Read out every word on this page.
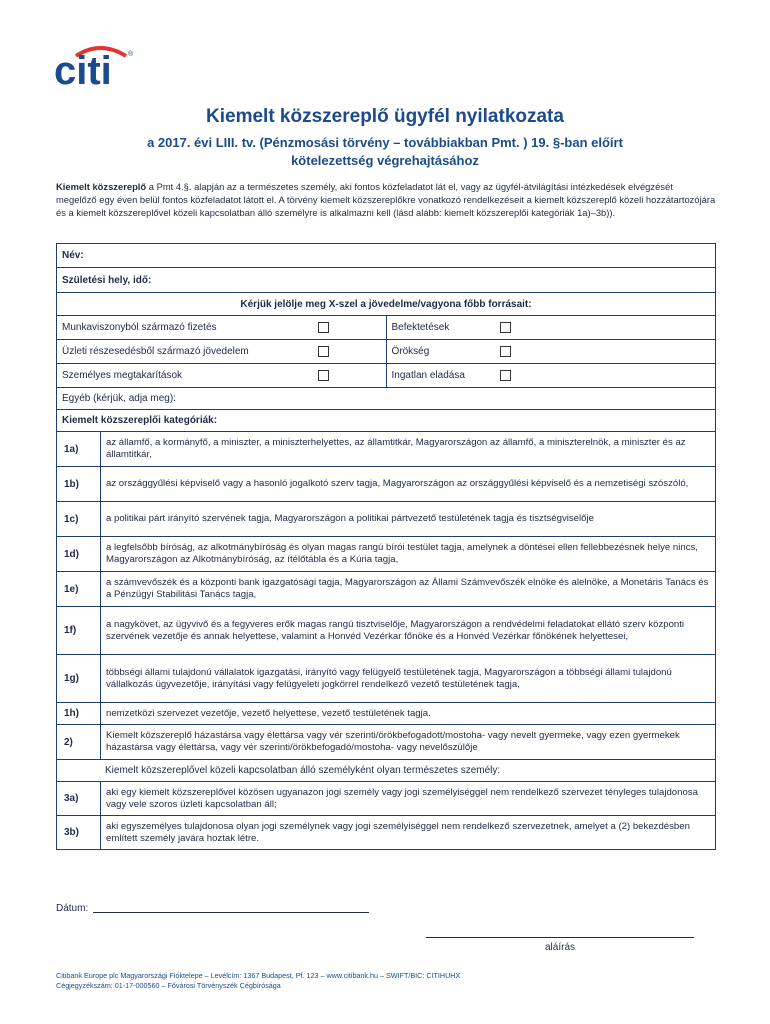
citi ®
Kiemelt közszereplő ügyfél nyilatkozata
a 2017. évi LIII. tv. (Pénzmosási törvény – továbbiakban Pmt. ) 19. §-ban előírt
kötelezettség végrehajtásához
Kiemelt közszereplő a Pmt 4.§. alapján az a természetes személy, aki fontos közfeladatot lát el, vagy az ügyfél-átvilágítási intézkedések elvégzését megelőző egy éven belül fontos közfeladatot látott el. A törvény kiemelt közszereplőkre vonatkozó rendelkezéseit a kiemelt közszereplő közeli hozzátartozójára és a kiemelt közszereplővel közeli kapcsolatban álló személyre is alkalmazni kell (lásd alább: kiemelt közszereplői kategóriák 1a)–3b)).
Név:
Születési hely, idő:
Kérjük jelölje meg X-szel a jövedelme/vagyona főbb forrásait:
Munkaviszonyból származó fizetés	Befektetések
Üzleti részesedésből származó jövedelem	Örökség
Személyes megtakarítások	Ingatlan eladása
Egyéb (kérjük, adja meg):
Kiemelt közszereplői kategóriák:
1a)
az államfő, a kormányfő, a miniszter, a miniszterhelyettes, az államtitkár, Magyarországon az államfő, a miniszterelnök, a miniszter és az államtitkár,
1b)	az országgyűlési képviselő vagy a hasonló jogalkotó szerv tagja, Magyarországon az országgyűlési képviselő és a nemzetiségi szószóló,
1c)	a politikai párt irányító szervének tagja, Magyarországon a politikai pártvezető testületének tagja és tisztségviselője
1d)
a legfelsőbb bíróság, az alkotmánybíróság és olyan magas rangú bírói testület tagja, amelynek a döntései ellen fellebbezésnek helye nincs, Magyarországon az Alkotmánybíróság, az ítélőtábla és a Kúria tagja,
1e)
a számvevőszék és a központi bank igazgatósági tagja, Magyarországon az Állami Számvevőszék elnöke és alelnöke, a Monetáris Tanács és a Pénzügyi Stabilitási Tanács tagja,
1f)
a nagykövet, az ügyvivő és a fegyveres erők magas rangú tisztviselője, Magyarországon a rendvédelmi feladatokat ellátó szerv központi szervének vezetője és annak helyettese, valamint a Honvéd Vezérkar főnöke és a Honvéd Vezérkar főnökének helyettesei,
1g)
többségi állami tulajdonú vállalatok igazgatási, irányító vagy felügyelő testületének tagja, Magyarországon a többségi állami tulajdonú vállalkozás ügyvezetője, irányítási vagy felügyeleti jogkörrel rendelkező vezető testületének tagja,
1h)	nemzetközi szervezet vezetője, vezető helyettese, vezető testületének tagja.
2)
Kiemelt közszereplő házastársa vagy élettársa vagy vér szerinti/örökbefogadott/mostoha- vagy nevelt gyermeke, vagy ezen gyermekek házastársa vagy élettársa, vagy vér szerinti/örökbefogadó/mostoha- vagy nevelőszülője
Kiemelt közszereplővel közeli kapcsolatban álló személyként olyan természetes személy:
3a)
aki egy kiemelt közszereplővel közösen ugyanazon jogi személy vagy jogi személyiséggel nem rendelkező szervezet tényleges tulajdonosa vagy vele szoros üzleti kapcsolatban áll;
3b)
aki egyszemélyes tulajdonosa olyan jogi személynek vagy jogi személyiséggel nem rendelkező szervezetnek, amelyet a (2) bekezdésben említett személy javára hoztak létre.
Dátum:
aláírás
Citibank Europe plc Magyarországi Fióktelepe – Levélcím: 1367 Budapest, Pf. 123 – www.citibank.hu – SWIFT/BIC: CITIHUHX
Cégjegyzékszám: 01-17-000560 – Fővárosi Törvényszék Cégbírósága
